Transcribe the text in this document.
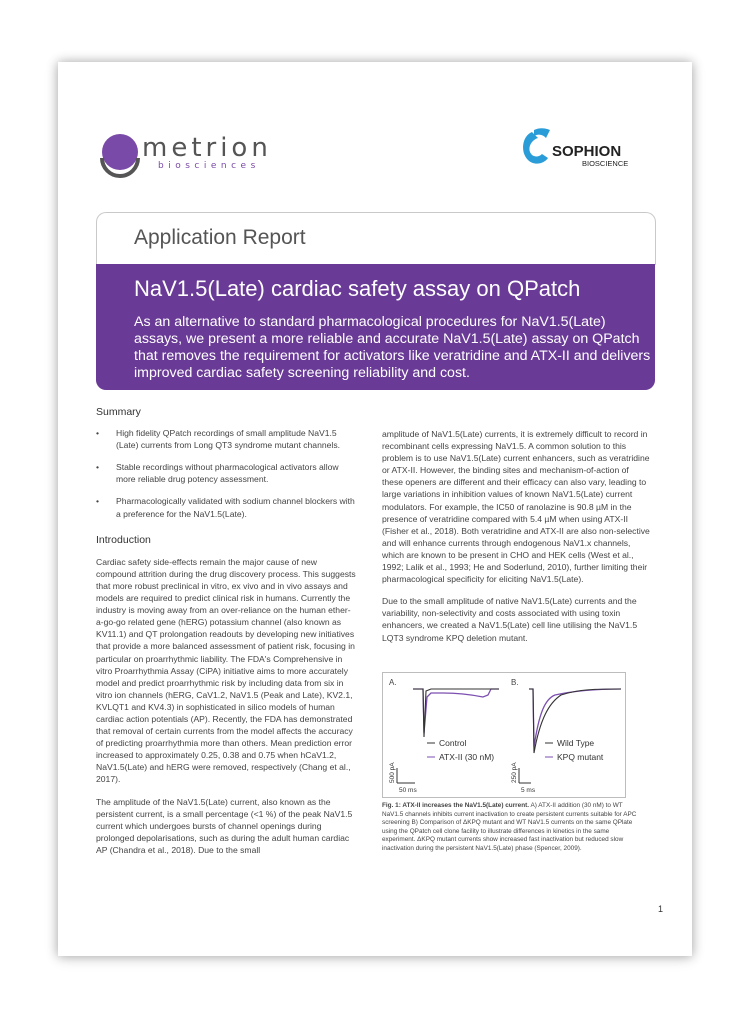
metrion
biosciences
SOPHION
BIOSCIENCE
Application Report
NaV1.5(Late) cardiac safety assay on QPatch

As an alternative to standard pharmacological procedures for NaV1.5(Late) assays, we present a more reliable and accurate NaV1.5(Late) assay on QPatch that removes the requirement for activators like veratridine and ATX-II and delivers improved cardiac safety screening reliability and cost.

Summary
• High fidelity QPatch recordings of small amplitude NaV1.5 (Late) currents from Long QT3 syndrome mutant channels.
• Stable recordings without pharmacological activators allow more reliable drug potency assessment.
• Pharmacologically validated with sodium channel blockers with a preference for the NaV1.5(Late).
Introduction

Cardiac safety side-effects remain the major cause of new compound attrition during the drug discovery process. This suggests that more robust preclinical in vitro, ex vivo and in vivo assays and models are required to predict clinical risk in humans. Currently the industry is moving away from an over-reliance on the human ether-a-go-go related gene (hERG) potassium channel (also known as KV11.1) and QT prolongation readouts by developing new initiatives that provide a more balanced assessment of patient risk, focusing in particular on proarrhythmic liability. The FDA's Comprehensive in vitro Proarrhythmia Assay (CiPA) initiative aims to more accurately model and predict proarrhythmic risk by including data from six in vitro ion channels (hERG, CaV1.2, NaV1.5 (Peak and Late), KV2.1, KVLQT1 and KV4.3) in sophisticated in silico models of human cardiac action potentials (AP). Recently, the FDA has demonstrated that removal of certain currents from the model affects the accuracy of predicting proarrhythmia more than others. Mean prediction error increased to approximately 0.25, 0.38 and 0.75 when hCaV1.2, NaV1.5(Late) and hERG were removed, respectively (Chang et al., 2017).

The amplitude of the NaV1.5(Late) current, also known as the persistent current, is a small percentage (<1 %) of the peak NaV1.5 current which undergoes bursts of channel openings during prolonged depolarisations, such as during the adult human cardiac AP (Chandra et al., 2018). Due to the small

amplitude of NaV1.5(Late) currents, it is extremely difficult to record in recombinant cells expressing NaV1.5. A common solution to this problem is to use NaV1.5(Late) current enhancers, such as veratridine or ATX-II. However, the binding sites and mechanism-of-action of these openers are different and their efficacy can also vary, leading to large variations in inhibition values of known NaV1.5(Late) current modulators. For example, the IC50 of ranolazine is 90.8 µM in the presence of veratridine compared with 5.4 µM when using ATX-II (Fisher et al., 2018). Both veratridine and ATX-II are also non-selective and will enhance currents through endogenous NaV1.x channels, which are known to be present in CHO and HEK cells (West et al., 1992; Lalik et al., 1993; He and Soderlund, 2010), further limiting their pharmacological specificity for eliciting NaV1.5(Late).

Due to the small amplitude of native NaV1.5(Late) currents and the variability, non-selectivity and costs associated with using toxin enhancers, we created a NaV1.5(Late) cell line utilising the NaV1.5 LQT3 syndrome KPQ deletion mutant.

A.	B.
Control
ATX-II (30 nM)
500 pA
50 ms
Wild Type
KPQ mutant
250 pA
5 ms
Fig. 1: ATX-II increases the NaV1.5(Late) current. A) ATX-II addition (30 nM) to WT NaV1.5 channels inhibits current inactivation to create persistent currents suitable for APC screening B) Comparison of ΔKPQ mutant and WT NaV1.5 currents on the same QPlate using the QPatch cell clone facility to illustrate differences in kinetics in the same experiment. ΔKPQ mutant currents show increased fast inactivation but reduced slow inactivation during the persistent NaV1.5(Late) phase (Spencer, 2009).
1
